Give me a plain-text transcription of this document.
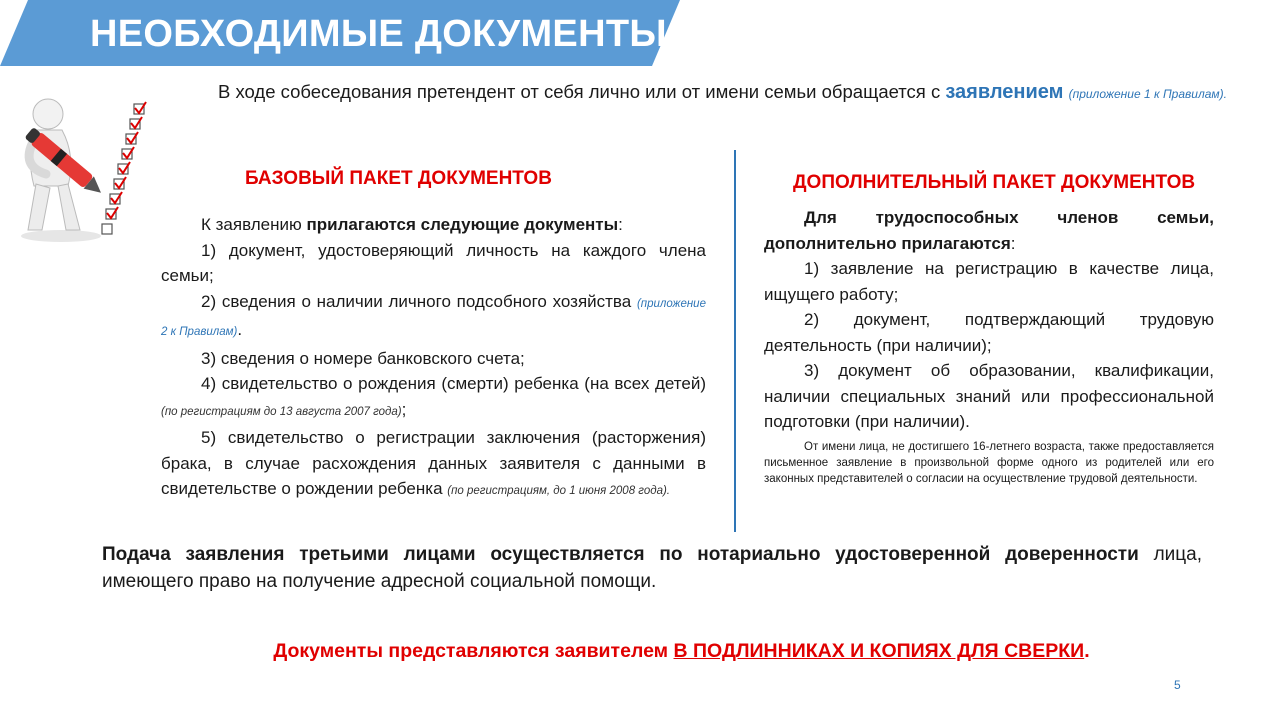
НЕОБХОДИМЫЕ ДОКУМЕНТЫ
В ходе собеседования претендент от себя лично или от имени семьи обращается с заявлением (приложение 1 к Правилам).
БАЗОВЫЙ ПАКЕТ ДОКУМЕНТОВ	ДОПОЛНИТЕЛЬНЫЙ ПАКЕТ ДОКУМЕНТОВ

К заявлению прилагаются следующие документы:

1) документ, удостоверяющий личность на каждого члена семьи;

2) сведения о наличии личного подсобного хозяйства (приложение 2 к Правилам).

3) сведения о номере банковского счета;

4) свидетельство о рождения (смерти) ребенка (на всех детей) (по регистрациям до 13 августа 2007 года);

5) свидетельство о регистрации заключения (расторжения) брака, в случае расхождения данных заявителя с данными в свидетельстве о рождении ребенка (по регистрациям, до 1 июня 2008 года).

Для трудоспособных членов семьи, дополнительно прилагаются:

1) заявление на регистрацию в качестве лица, ищущего работу;

2) документ, подтверждающий трудовую деятельность (при наличии);

3) документ об образовании, квалификации, наличии специальных знаний или профессиональной подготовки (при наличии).

От имени лица, не достигшего 16-летнего возраста, также предоставляется письменное заявление в произвольной форме одного из родителей или его законных представителей о согласии на осуществление трудовой деятельности.

Подача заявления третьими лицами осуществляется по нотариально удостоверенной доверенности лица, имеющего право на получение адресной социальной помощи.
Документы представляются заявителем В ПОДЛИННИКАХ И КОПИЯХ ДЛЯ СВЕРКИ.
5
